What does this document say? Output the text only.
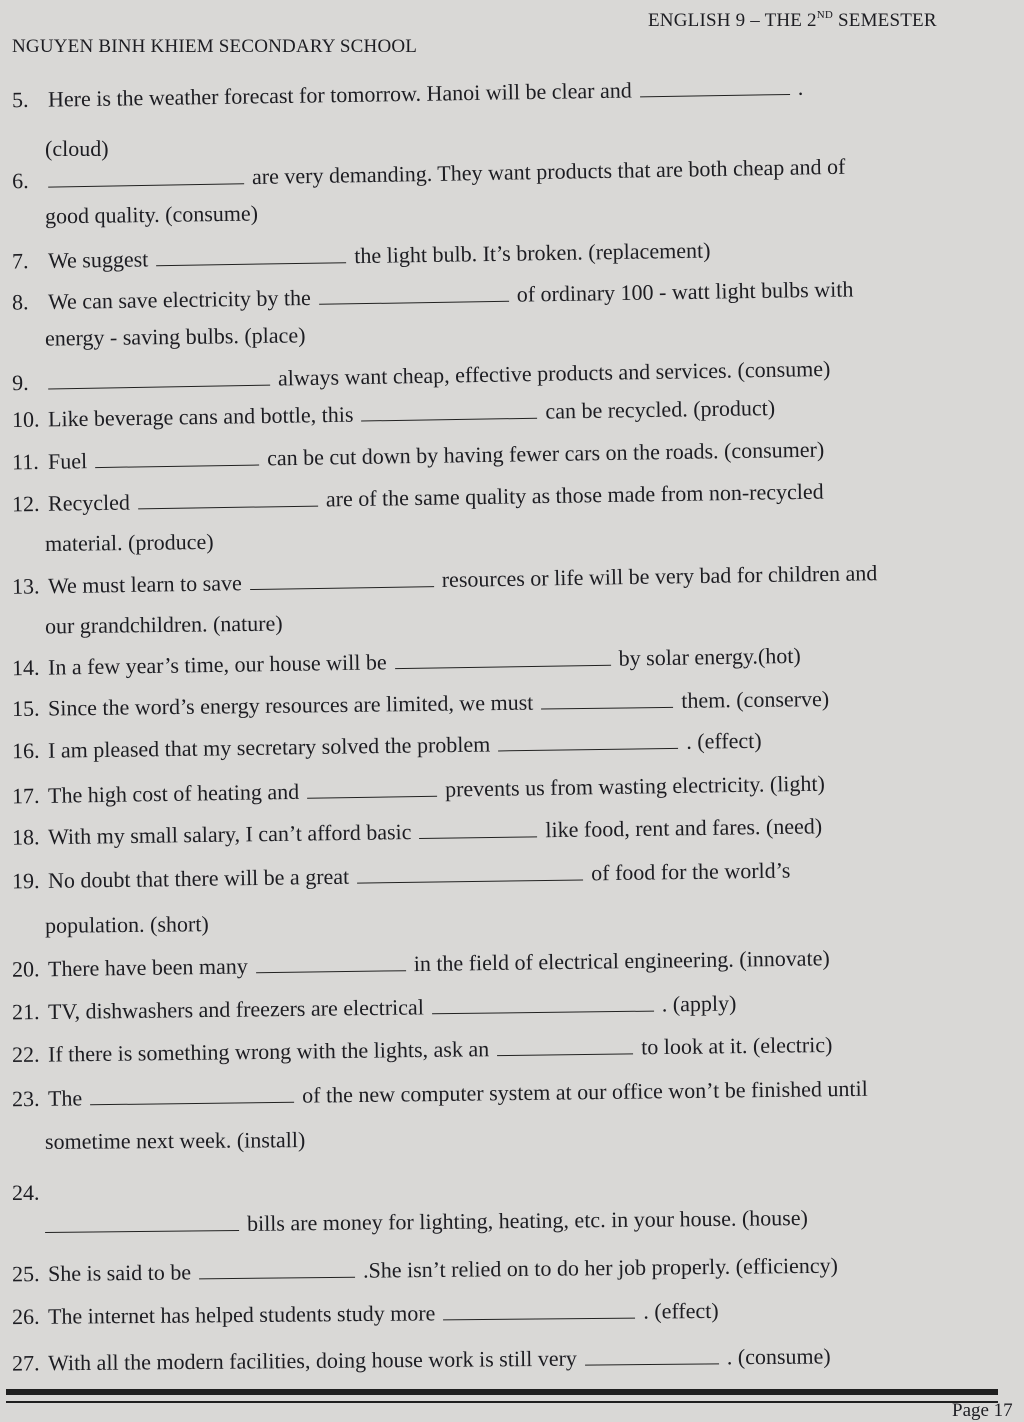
NGUYEN BINH KHIEM SECONDARY SCHOOL
ENGLISH 9 – THE 2ND SEMESTER
5. Here is the weather forecast for tomorrow. Hanoi will be clear and	.
(cloud)
6.	are very demanding. They want products that are both cheap and of
good quality. (consume)
7. We suggest	the light bulb. It’s broken. (replacement)
8. We can save electricity by the	of ordinary 100 - watt light bulbs with
energy - saving bulbs. (place)
9.	always want cheap, effective products and services. (consume)
10. Like beverage cans and bottle, this	can be recycled. (product)
11. Fuel	can be cut down by having fewer cars on the roads. (consumer)
12. Recycled	are of the same quality as those made from non-recycled
material. (produce)
13. We must learn to save	resources or life will be very bad for children and
our grandchildren. (nature)
14. In a few year’s time, our house will be	by solar energy.(hot)
15. Since the word’s energy resources are limited, we must	them. (conserve)
16. I am pleased that my secretary solved the problem	. (effect)
17. The high cost of heating and	prevents us from wasting electricity. (light)
18. With my small salary, I can’t afford basic	like food, rent and fares. (need)
19. No doubt that there will be a great	of food for the world’s
population. (short)
20. There have been many	in the field of electrical engineering. (innovate)
21. TV, dishwashers and freezers are electrical	. (apply)
22. If there is something wrong with the lights, ask an	to look at it. (electric)
23. The	of the new computer system at our office won’t be finished until
sometime next week. (install)
24.
bills are money for lighting, heating, etc. in your house. (house)
25. She is said to be	.She isn’t relied on to do her job properly. (efficiency)
26. The internet has helped students study more	. (effect)
27. With all the modern facilities, doing house work is still very	. (consume)
Page 17
